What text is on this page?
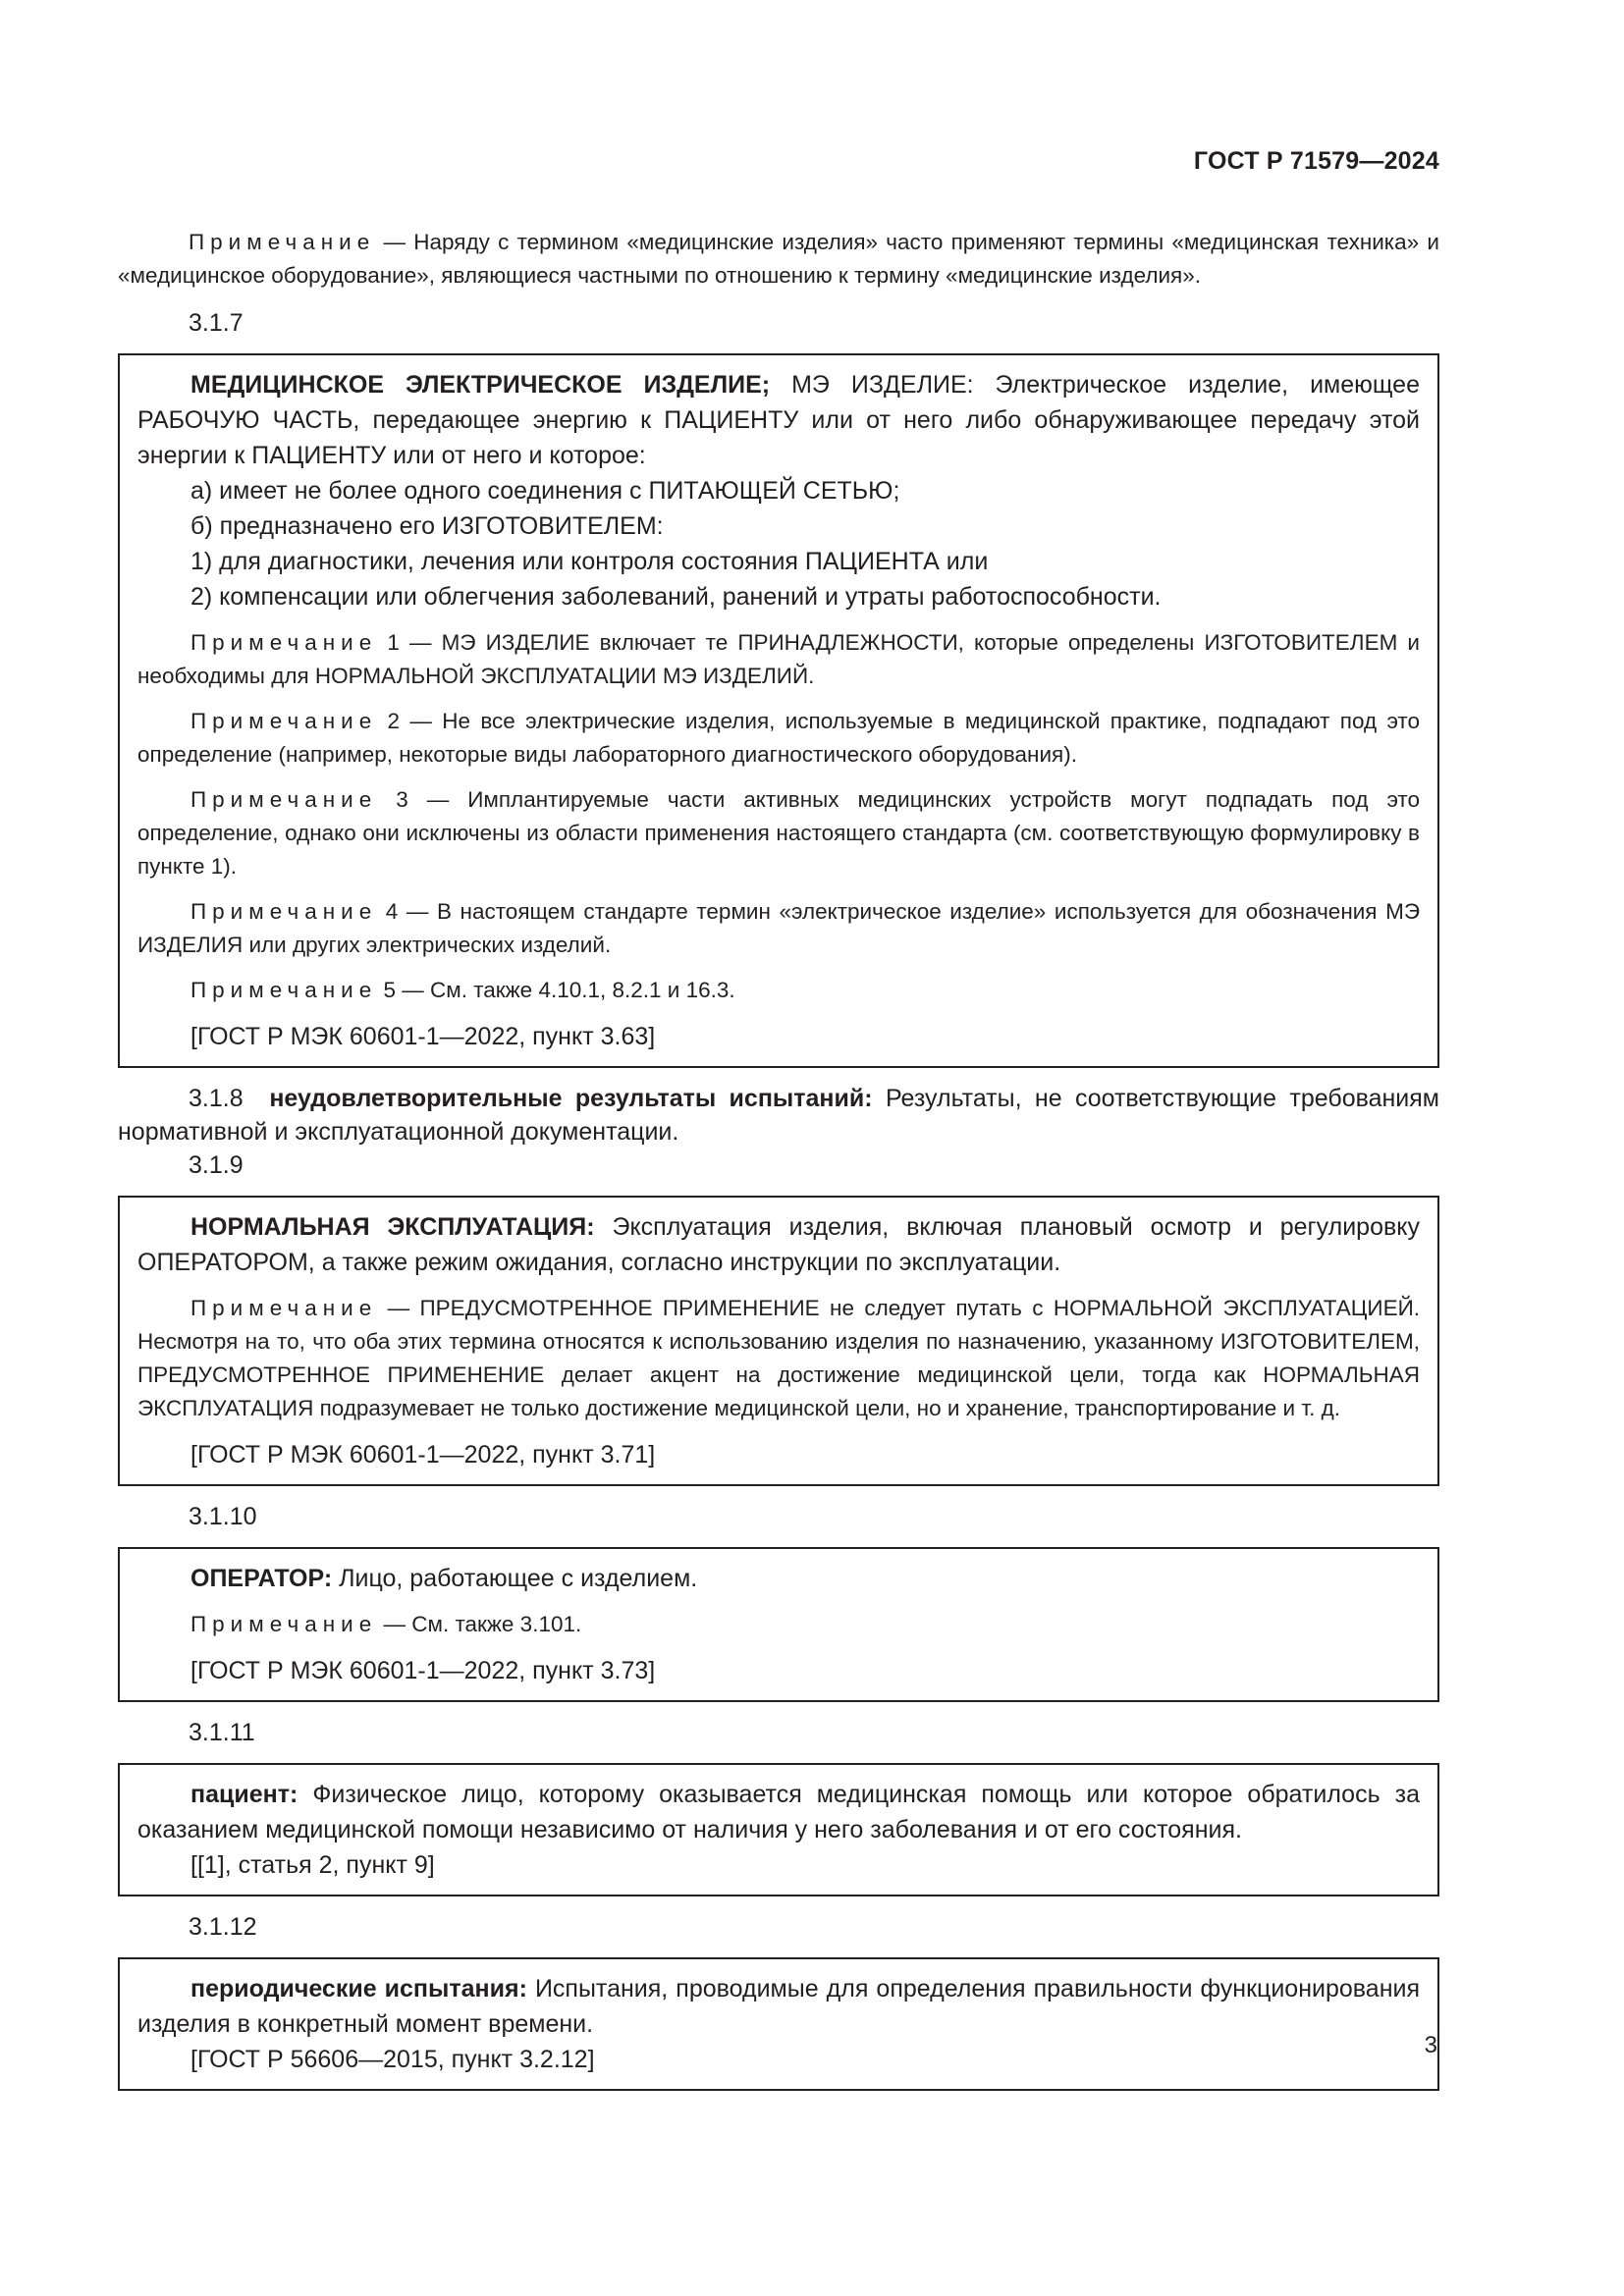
ГОСТ Р 71579—2024

Примечание — Наряду с термином «медицинские изделия» часто применяют термины «медицинская техника» и «медицинское оборудование», являющиеся частными по отношению к термину «медицинские изделия».

3.1.7

МЕДИЦИНСКОЕ ЭЛЕКТРИЧЕСКОЕ ИЗДЕЛИЕ; МЭ ИЗДЕЛИЕ: Электрическое изделие, имеющее РАБОЧУЮ ЧАСТЬ, передающее энергию к ПАЦИЕНТУ или от него либо обнаруживающее передачу этой энергии к ПАЦИЕНТУ или от него и которое:

а) имеет не более одного соединения с ПИТАЮЩЕЙ СЕТЬЮ;

б) предназначено его ИЗГОТОВИТЕЛЕМ:

1) для диагностики, лечения или контроля состояния ПАЦИЕНТА или

2) компенсации или облегчения заболеваний, ранений и утраты работоспособности.

Примечание 1 — МЭ ИЗДЕЛИЕ включает те ПРИНАДЛЕЖНОСТИ, которые определены ИЗГОТОВИТЕЛЕМ и необходимы для НОРМАЛЬНОЙ ЭКСПЛУАТАЦИИ МЭ ИЗДЕЛИЙ.

Примечание 2 — Не все электрические изделия, используемые в медицинской практике, подпадают под это определение (например, некоторые виды лабораторного диагностического оборудования).

Примечание 3 — Имплантируемые части активных медицинских устройств могут подпадать под это определение, однако они исключены из области применения настоящего стандарта (см. соответствующую формулировку в пункте 1).

Примечание 4 — В настоящем стандарте термин «электрическое изделие» используется для обозначения МЭ ИЗДЕЛИЯ или других электрических изделий.

Примечание 5 — См. также 4.10.1, 8.2.1 и 16.3.

[ГОСТ Р МЭК 60601-1—2022, пункт 3.63]

3.1.8 неудовлетворительные результаты испытаний: Результаты, не соответствующие требованиям нормативной и эксплуатационной документации.

3.1.9

НОРМАЛЬНАЯ ЭКСПЛУАТАЦИЯ: Эксплуатация изделия, включая плановый осмотр и регулировку ОПЕРАТОРОМ, а также режим ожидания, согласно инструкции по эксплуатации.

Примечание — ПРЕДУСМОТРЕННОЕ ПРИМЕНЕНИЕ не следует путать с НОРМАЛЬНОЙ ЭКСПЛУАТАЦИЕЙ. Несмотря на то, что оба этих термина относятся к использованию изделия по назначению, указанному ИЗГОТОВИТЕЛЕМ, ПРЕДУСМОТРЕННОЕ ПРИМЕНЕНИЕ делает акцент на достижение медицинской цели, тогда как НОРМАЛЬНАЯ ЭКСПЛУАТАЦИЯ подразумевает не только достижение медицинской цели, но и хранение, транспортирование и т. д.

[ГОСТ Р МЭК 60601-1—2022, пункт 3.71]

3.1.10

ОПЕРАТОР: Лицо, работающее с изделием.

Примечание — См. также 3.101.

[ГОСТ Р МЭК 60601-1—2022, пункт 3.73]

3.1.11

пациент: Физическое лицо, которому оказывается медицинская помощь или которое обратилось за оказанием медицинской помощи независимо от наличия у него заболевания и от его состояния.

[[1], статья 2, пункт 9]

3.1.12

периодические испытания: Испытания, проводимые для определения правильности функционирования изделия в конкретный момент времени.

[ГОСТ Р 56606—2015, пункт 3.2.12]

3
